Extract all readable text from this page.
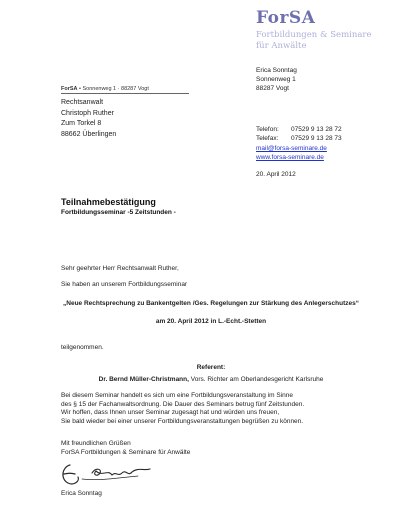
ForSA
Fortbildungen & Seminare
für Anwälte
Erica Sonntag
Sonnenweg 1
88287 Vogt
Telefon: 07529 9 13 28 72
Telefax: 07529 9 13 28 73
mail@forsa-seminare.de
www.forsa-seminare.de
20. April 2012
ForSA • Sonnenweg 1 · 88287 Vogt
Rechtsanwalt
Christoph Ruther
Zum Torkel 8
88662 Überlingen
Teilnahmebestätigung
Fortbildungsseminar -5 Zeitstunden -
Sehr geehrter Herr Rechtsanwalt Ruther,
Sie haben an unserem Fortbildungsseminar
„Neue Rechtsprechung zu Bankentgelten /Ges. Regelungen zur Stärkung des Anlegerschutzes“
am 20. April 2012 in L.-Echt.-Stetten
teilgenommen.
Referent:
Dr. Bernd Müller-Christmann, Vors. Richter am Oberlandesgericht Karlsruhe
Bei diesem Seminar handelt es sich um eine Fortbildungsveranstaltung im Sinne
des § 15 der Fachanwaltsordnung. Die Dauer des Seminars betrug fünf Zeitstunden.
Wir hoffen, dass Ihnen unser Seminar zugesagt hat und würden uns freuen,
Sie bald wieder bei einer unserer Fortbildungsveranstaltungen begrüßen zu können.
Mit freundlichen Grüßen
ForSA Fortbildungen & Seminare für Anwälte
Erica Sonntag
